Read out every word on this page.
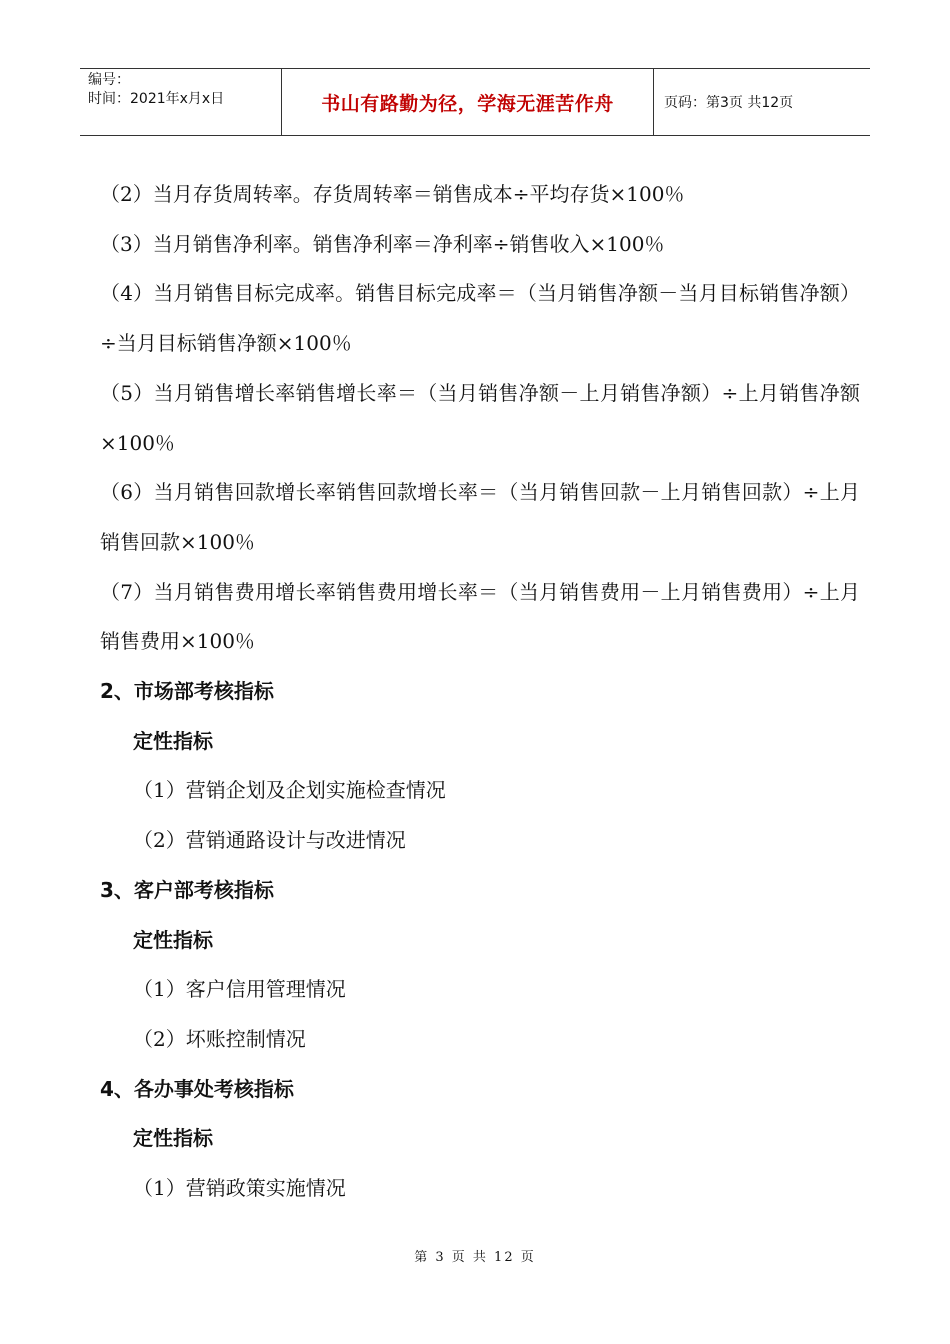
编号：
时间：2021年x月x日	书山有路勤为径，学海无涯苦作舟	页码：第3页 共12页

（2）当月存货周转率。存货周转率＝销售成本÷平均存货×100％

（3）当月销售净利率。销售净利率＝净利率÷销售收入×100％

（4）当月销售目标完成率。销售目标完成率＝（当月销售净额－当月目标销售净额）÷当月目标销售净额×100％

（5）当月销售增长率销售增长率＝（当月销售净额－上月销售净额）÷上月销售净额×100％

（6）当月销售回款增长率销售回款增长率＝（当月销售回款－上月销售回款）÷上月销售回款×100％

（7）当月销售费用增长率销售费用增长率＝（当月销售费用－上月销售费用）÷上月销售费用×100％

2、市场部考核指标

定性指标

（1）营销企划及企划实施检查情况

（2）营销通路设计与改进情况

3、客户部考核指标

定性指标

（1）客户信用管理情况

（2）坏账控制情况

4、各办事处考核指标

定性指标

（1）营销政策实施情况

第 3 页 共 12 页
